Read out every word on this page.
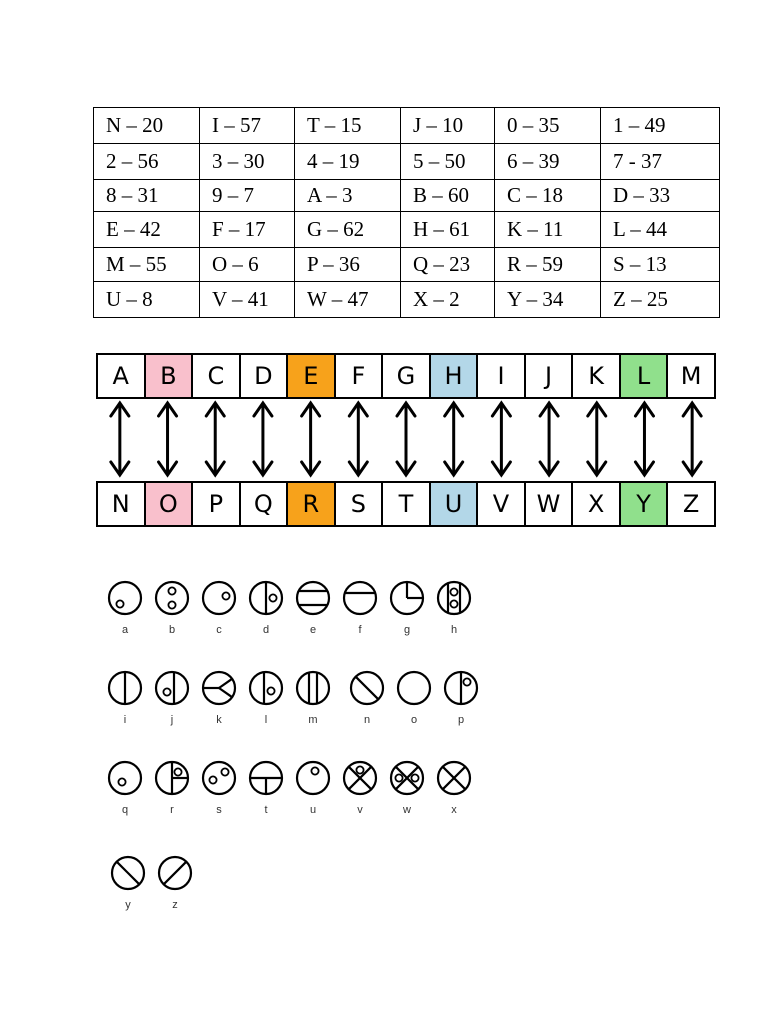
N – 20	I – 57	T – 15	J – 10	0 – 35	1 – 49
2 – 56	3 – 30	4 – 19	5 – 50	6 – 39	7 - 37
8 – 31	9 – 7	A – 3	B – 60	C – 18	D – 33
E – 42	F – 17	G – 62	H – 61	K – 11	L – 44
M – 55	O – 6	P – 36	Q – 23	R – 59	S – 13
U – 8	V – 41	W – 47	X – 2	Y – 34	Z – 25
A	B	C	D	E	F	G	H	I	J	K	L	M
N	O	P	Q	R	S	T	U	V	W	X	Y	Z
a	b	c	d	e	f	g	h
i	j	k	l	m	n	o	p
q	r	s	t	u	v	w	x
y	z
